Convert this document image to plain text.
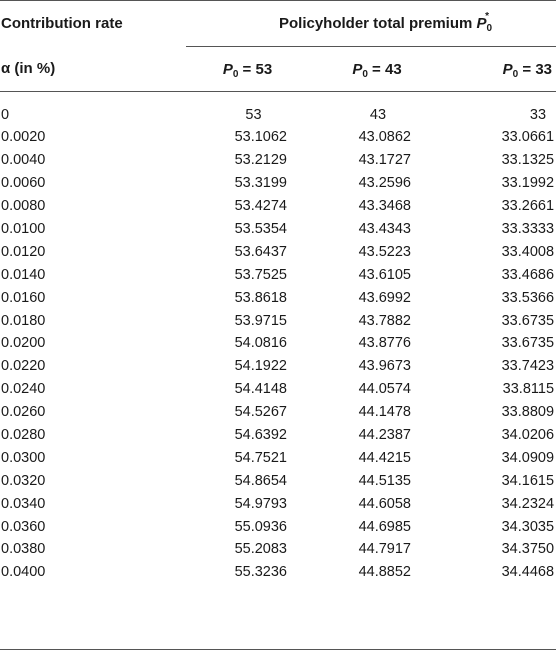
Contribution rate	Policyholder total premium $P_0^*$
α (in %)	$P_0 = 53$	$P_0 = 43$	$P_0 = 33$
0	53	43	33
0.0020	53.1062	43.0862	33.0661
0.0040	53.2129	43.1727	33.1325
0.0060	53.3199	43.2596	33.1992
0.0080	53.4274	43.3468	33.2661
0.0100	53.5354	43.4343	33.3333
0.0120	53.6437	43.5223	33.4008
0.0140	53.7525	43.6105	33.4686
0.0160	53.8618	43.6992	33.5366
0.0180	53.9715	43.7882	33.6735
0.0200	54.0816	43.8776	33.6735
0.0220	54.1922	43.9673	33.7423
0.0240	54.4148	44.0574	33.8115
0.0260	54.5267	44.1478	33.8809
0.0280	54.6392	44.2387	34.0206
0.0300	54.7521	44.4215	34.0909
0.0320	54.8654	44.5135	34.1615
0.0340	54.9793	44.6058	34.2324
0.0360	55.0936	44.6985	34.3035
0.0380	55.2083	44.7917	34.3750
0.0400	55.3236	44.8852	34.4468
